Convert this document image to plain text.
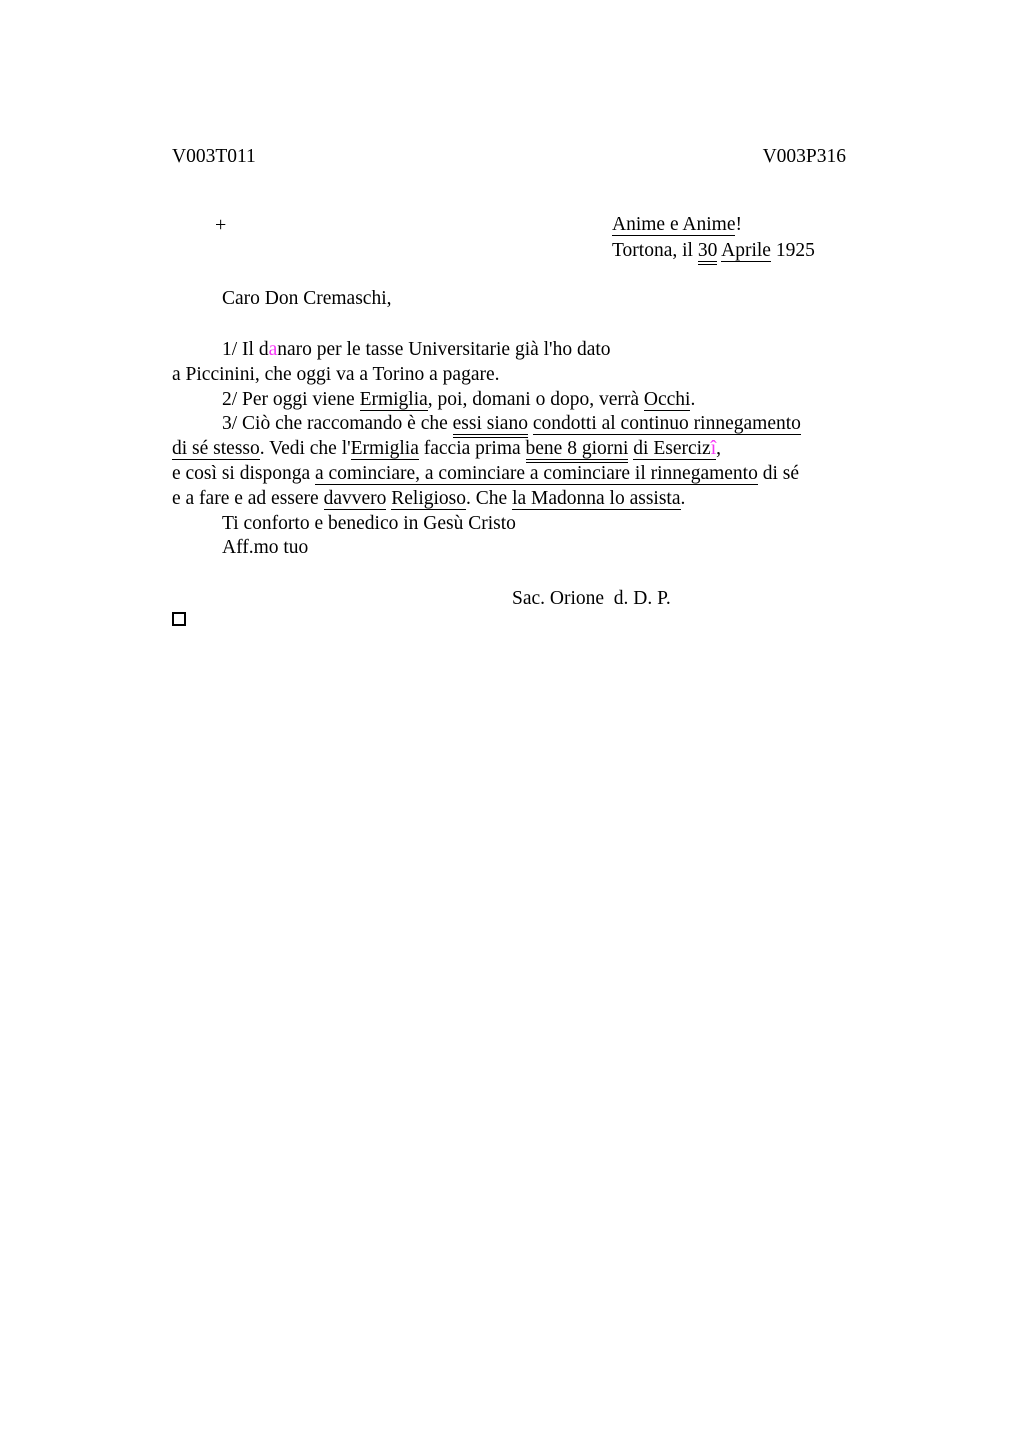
V003T011	V003P316
+	Anime e Anime!
Tortona, il 30 Aprile 1925
Caro Don Cremaschi,
1/ Il danaro per le tasse Universitarie già l'ho dato
a Piccinini, che oggi va a Torino a pagare.
2/ Per oggi viene Ermiglia, poi, domani o dopo, verrà Occhi.
3/ Ciò che raccomando è che essi siano condotti al continuo rinnegamento
di sé stesso. Vedi che l'Ermiglia faccia prima bene 8 giorni di Esercizî,
e così si disponga a cominciare, a cominciare a cominciare il rinnegamento di sé
e a fare e ad essere davvero Religioso. Che la Madonna lo assista.
Ti conforto e benedico in Gesù Cristo
Aff.mo tuo
Sac. Orione  d. D. P.
